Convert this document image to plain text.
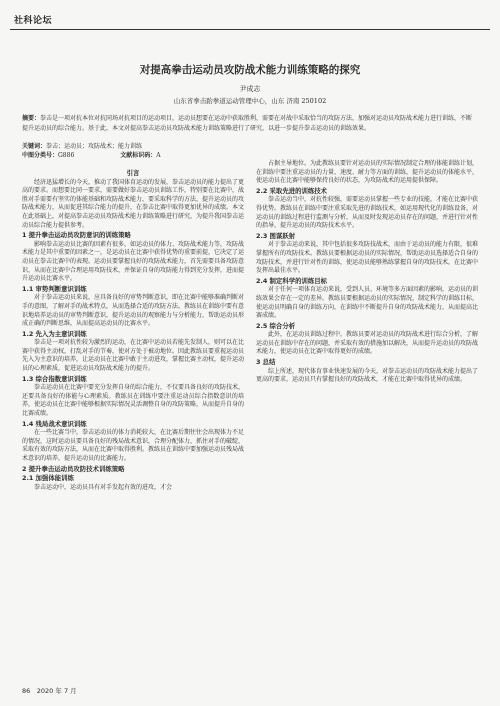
社科论坛
对提高拳击运动员攻防战术能力训练策略的探究
尹成志
山东省拳击跆拳道运动管理中心，山东 济南 250102
摘要：拳击是一项对抗本位对抗同场对抗项目的运动项目，运动员想要在运动中获取胜利，需要在对战中采取恰当的攻防方法，加强对运动员攻防战术能力进行训练，不断提升运动员的综合能力。基于此，本文对提高拳击运动员攻防战术能力训练策略进行了研究，以进一步提升拳击运动员的训练效果。
关键词：拳击；运动员；攻防战术；能力训练
中图分类号：G886	文献标识码：A
引言
经济迅猛增长的今天，推动了我国体育运动的发展，拳击运动员的能力提出了更高的要求。而想要比同一要求，需要做好拳击运动员训练工作，特别要在比赛中，战胜对手需要有坚实的体能基础和攻防战术能力，要采取科学的方法，提升运动员的攻防战术能力，从而促进其综合能力的提升，在拳击比赛中取得更加优异的成绩。本文在此基础上，对提高拳击运动员攻防战术能力训练策略进行研究，为提升我国拳击运动员综合能力提供参考。
1 提升拳击运动员攻防意识的训练策略
影响拳击运动员比赛的因素有很多，如运动员的体力、攻防战术能力等，攻防战术能力是其中重要的因素之一，是运动员在比赛中获得优势的重要前提，它决定了运动员在拳击比赛中的表现。运动员要掌握良好的攻防战术能力，首先需要具备攻防意识，从而在比赛中合理运用攻防技术，并保证自身的攻防能力得到充分发挥，进而提升运动员比赛水平。
1.1 审势判断意识训练
对于拳击运动员来说，应具备良好的审势判断意识，即在比赛中能够准确判断对手的意图，了解对手的战术特点，从而选择合适的攻防方法。教练员在训练中要有意识地培养运动员的审势判断意识，提升运动员的观察能力与分析能力，帮助运动员形成正确的判断思维，从而提高运动员的比赛水平。
1.2 先入为主意识训练
拳击是一项对抗性较为激烈的运动，在比赛中运动员若能先发制人，则可以在比赛中获得主动权，打乱对手的节奏，使对方处于被动地位。因此教练员要重视运动员先入为主意识的培养，让运动员在比赛中敢于主动进攻，掌握比赛主动权，提升运动员的心理素质，促进运动员攻防战术能力的提升。
1.3 综合指数意识训练
拳击运动员在比赛中要充分发挥自身的综合能力，不仅要具备良好的攻防技术，还要具备良好的体能与心理素质。教练员在训练中要注重运动员综合指数意识的培养，使运动员在比赛中能够根据实际情况灵活调整自身的攻防策略，从而提升自身的比赛成绩。
1.4 残局战术意识训练
在一些比赛当中，拳击运动员的体力消耗较大，在比赛后期往往会出现体力不足的情况，这时运动员要具备良好的残局战术意识，合理分配体力，抓住对手的破绽，采取有效的攻防方法，从而在比赛中取得胜利。教练员在训练中要加强运动员残局战术意识的培养，提升运动员的比赛能力。
2 提升拳击运动员攻防技术训练策略
2.1 加强体能训练
拳击运动中，运动员具有对手发起有效的进攻，才会
占据主导地位。为此教练员要针对运动员的实际情况制定合理的体能训练计划，在训练中要注重运动员的力量、速度、耐力等方面的训练，提升运动员的体能水平，使运动员在比赛中能够保持良好的状态，为攻防战术的运用提供保障。
2.2 采取先进的训练技术
拳击运动当中，对抗性较强，需要运动员掌握一些专业的技能，才能在比赛中获得优势。教练员在训练中要注重采取先进的训练技术，如运用现代化的训练设备，对运动员的训练过程进行监测与分析，从而及时发现运动员存在的问题，并进行针对性的指导，提升运动员的攻防技术水平。
2.3 图谋跃射
对于拳击运动来说，其中包括很多攻防技战术，而由于运动员的能力有限，很难掌握所有的攻防技术。教练员要根据运动员的实际情况，帮助运动员选择适合自身的攻防技术，并进行针对性的训练，使运动员能够熟练掌握自身的攻防技术，在比赛中发挥出最佳水平。
2.4 制定科学的训练目标
对于任何一项体育运动来说，受到人员、环境等多方面因素的影响，运动员的训练效果会存在一定的差异。教练员要根据运动员的实际情况，制定科学的训练目标，使运动员明确自身的训练方向，在训练中不断提升自身的攻防战术能力，从而提高比赛成绩。
2.5 综合分析
此外，在运动员训练过程中，教练员要对运动员的攻防战术进行综合分析，了解运动员在训练中存在的问题，并采取有效的措施加以解决，从而提升运动员的攻防战术能力，使运动员在比赛中取得更好的成绩。
3 总结
综上所述，现代体育事业快速发展的今天，对拳击运动员的攻防战术能力提出了更高的要求，运动员只有掌握良好的攻防战术，才能在比赛中取得优异的成绩。
86　2020 年 7 月
